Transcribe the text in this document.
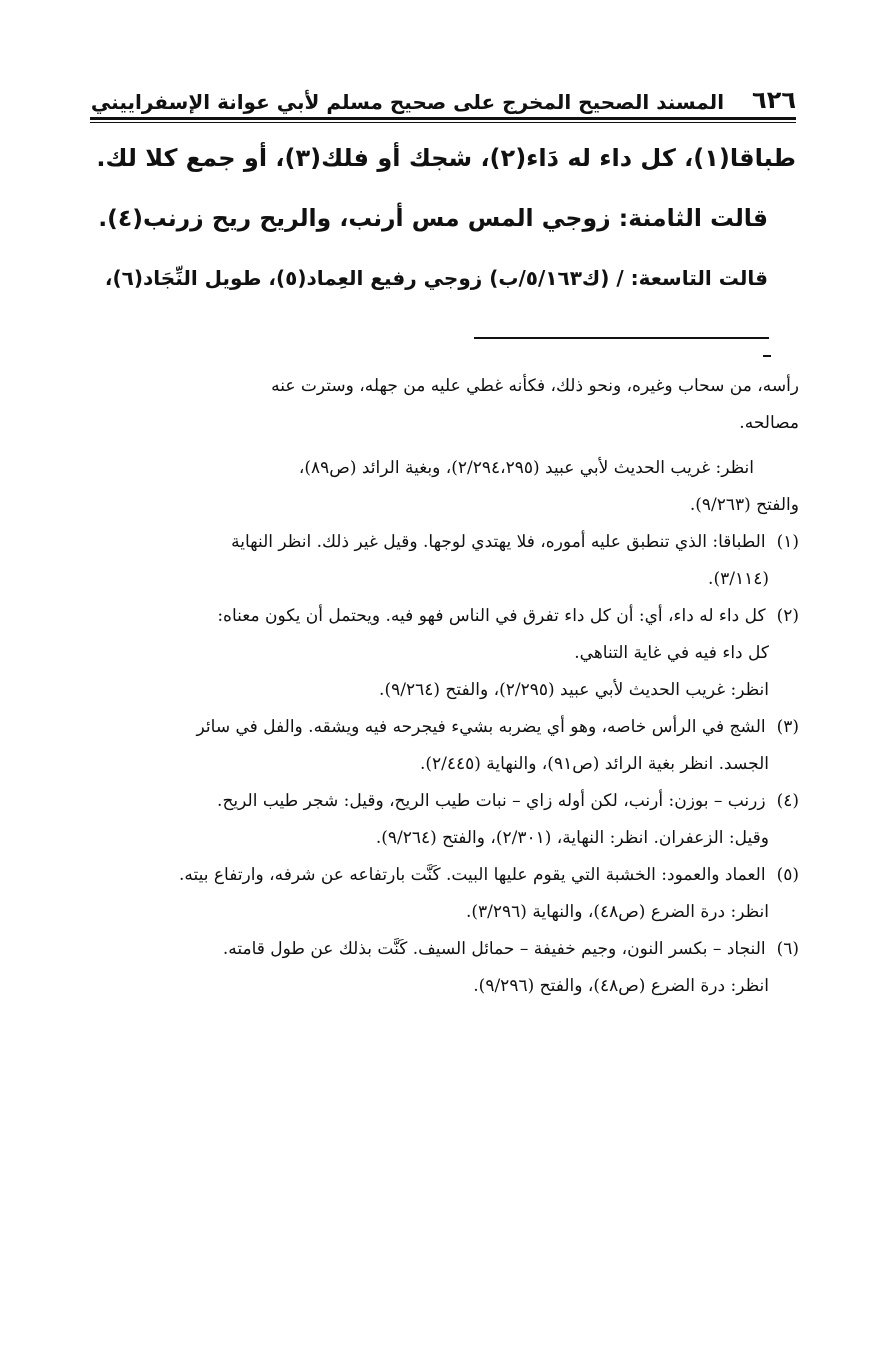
٦٢٦
المسند الصحيح المخرج على صحيح مسلم لأبي عوانة الإسفراييني
طباقا(١)، كل داء له دَاء(٢)، شجك أو فلك(٣)، أو جمع كلا لك.
قالت الثامنة: زوجي المس مس أرنب، والريح ريح زرنب(٤).
قالت التاسعة: / (ك٥/١٦٣/ب) زوجي رفيع العِماد(٥)، طويل النِّجَاد(٦)،

رأسه، من سحاب وغيره، ونحو ذلك، فكأنه غطي عليه من جهله، وسترت عنه

مصالحه.

انظر: غريب الحديث لأبي عبيد (٢/٢٩٤،٢٩٥)، وبغية الرائد (ص٨٩)،

والفتح (٩/٢٦٣).

(١) الطباقا: الذي تنطبق عليه أموره، فلا يهتدي لوجها. وقيل غير ذلك. انظر النهاية

(٣/١١٤).

(٢) كل داء له داء، أي: أن كل داء تفرق في الناس فهو فيه. ويحتمل أن يكون معناه:

كل داء فيه في غاية التناهي.

انظر: غريب الحديث لأبي عبيد (٢/٢٩٥)، والفتح (٩/٢٦٤).

(٣) الشج في الرأس خاصه، وهو أي يضربه بشيء فيجرحه فيه ويشقه. والفل في سائر

الجسد. انظر بغية الرائد (ص٩١)، والنهاية (٢/٤٤٥).

(٤) زرنب – بوزن: أرنب، لكن أوله زاي – نبات طيب الريح، وقيل: شجر طيب الريح.

وقيل: الزعفران. انظر: النهاية، (٢/٣٠١)، والفتح (٩/٢٦٤).

(٥) العماد والعمود: الخشبة التي يقوم عليها البيت. كَنَّت بارتفاعه عن شرفه، وارتفاع بيته.

انظر: درة الضرع (ص٤٨)، والنهاية (٣/٢٩٦).

(٦) النجاد – بكسر النون، وجيم خفيفة – حمائل السيف. كَنَّت بذلك عن طول قامته.

انظر: درة الضرع (ص٤٨)، والفتح (٩/٢٩٦).
